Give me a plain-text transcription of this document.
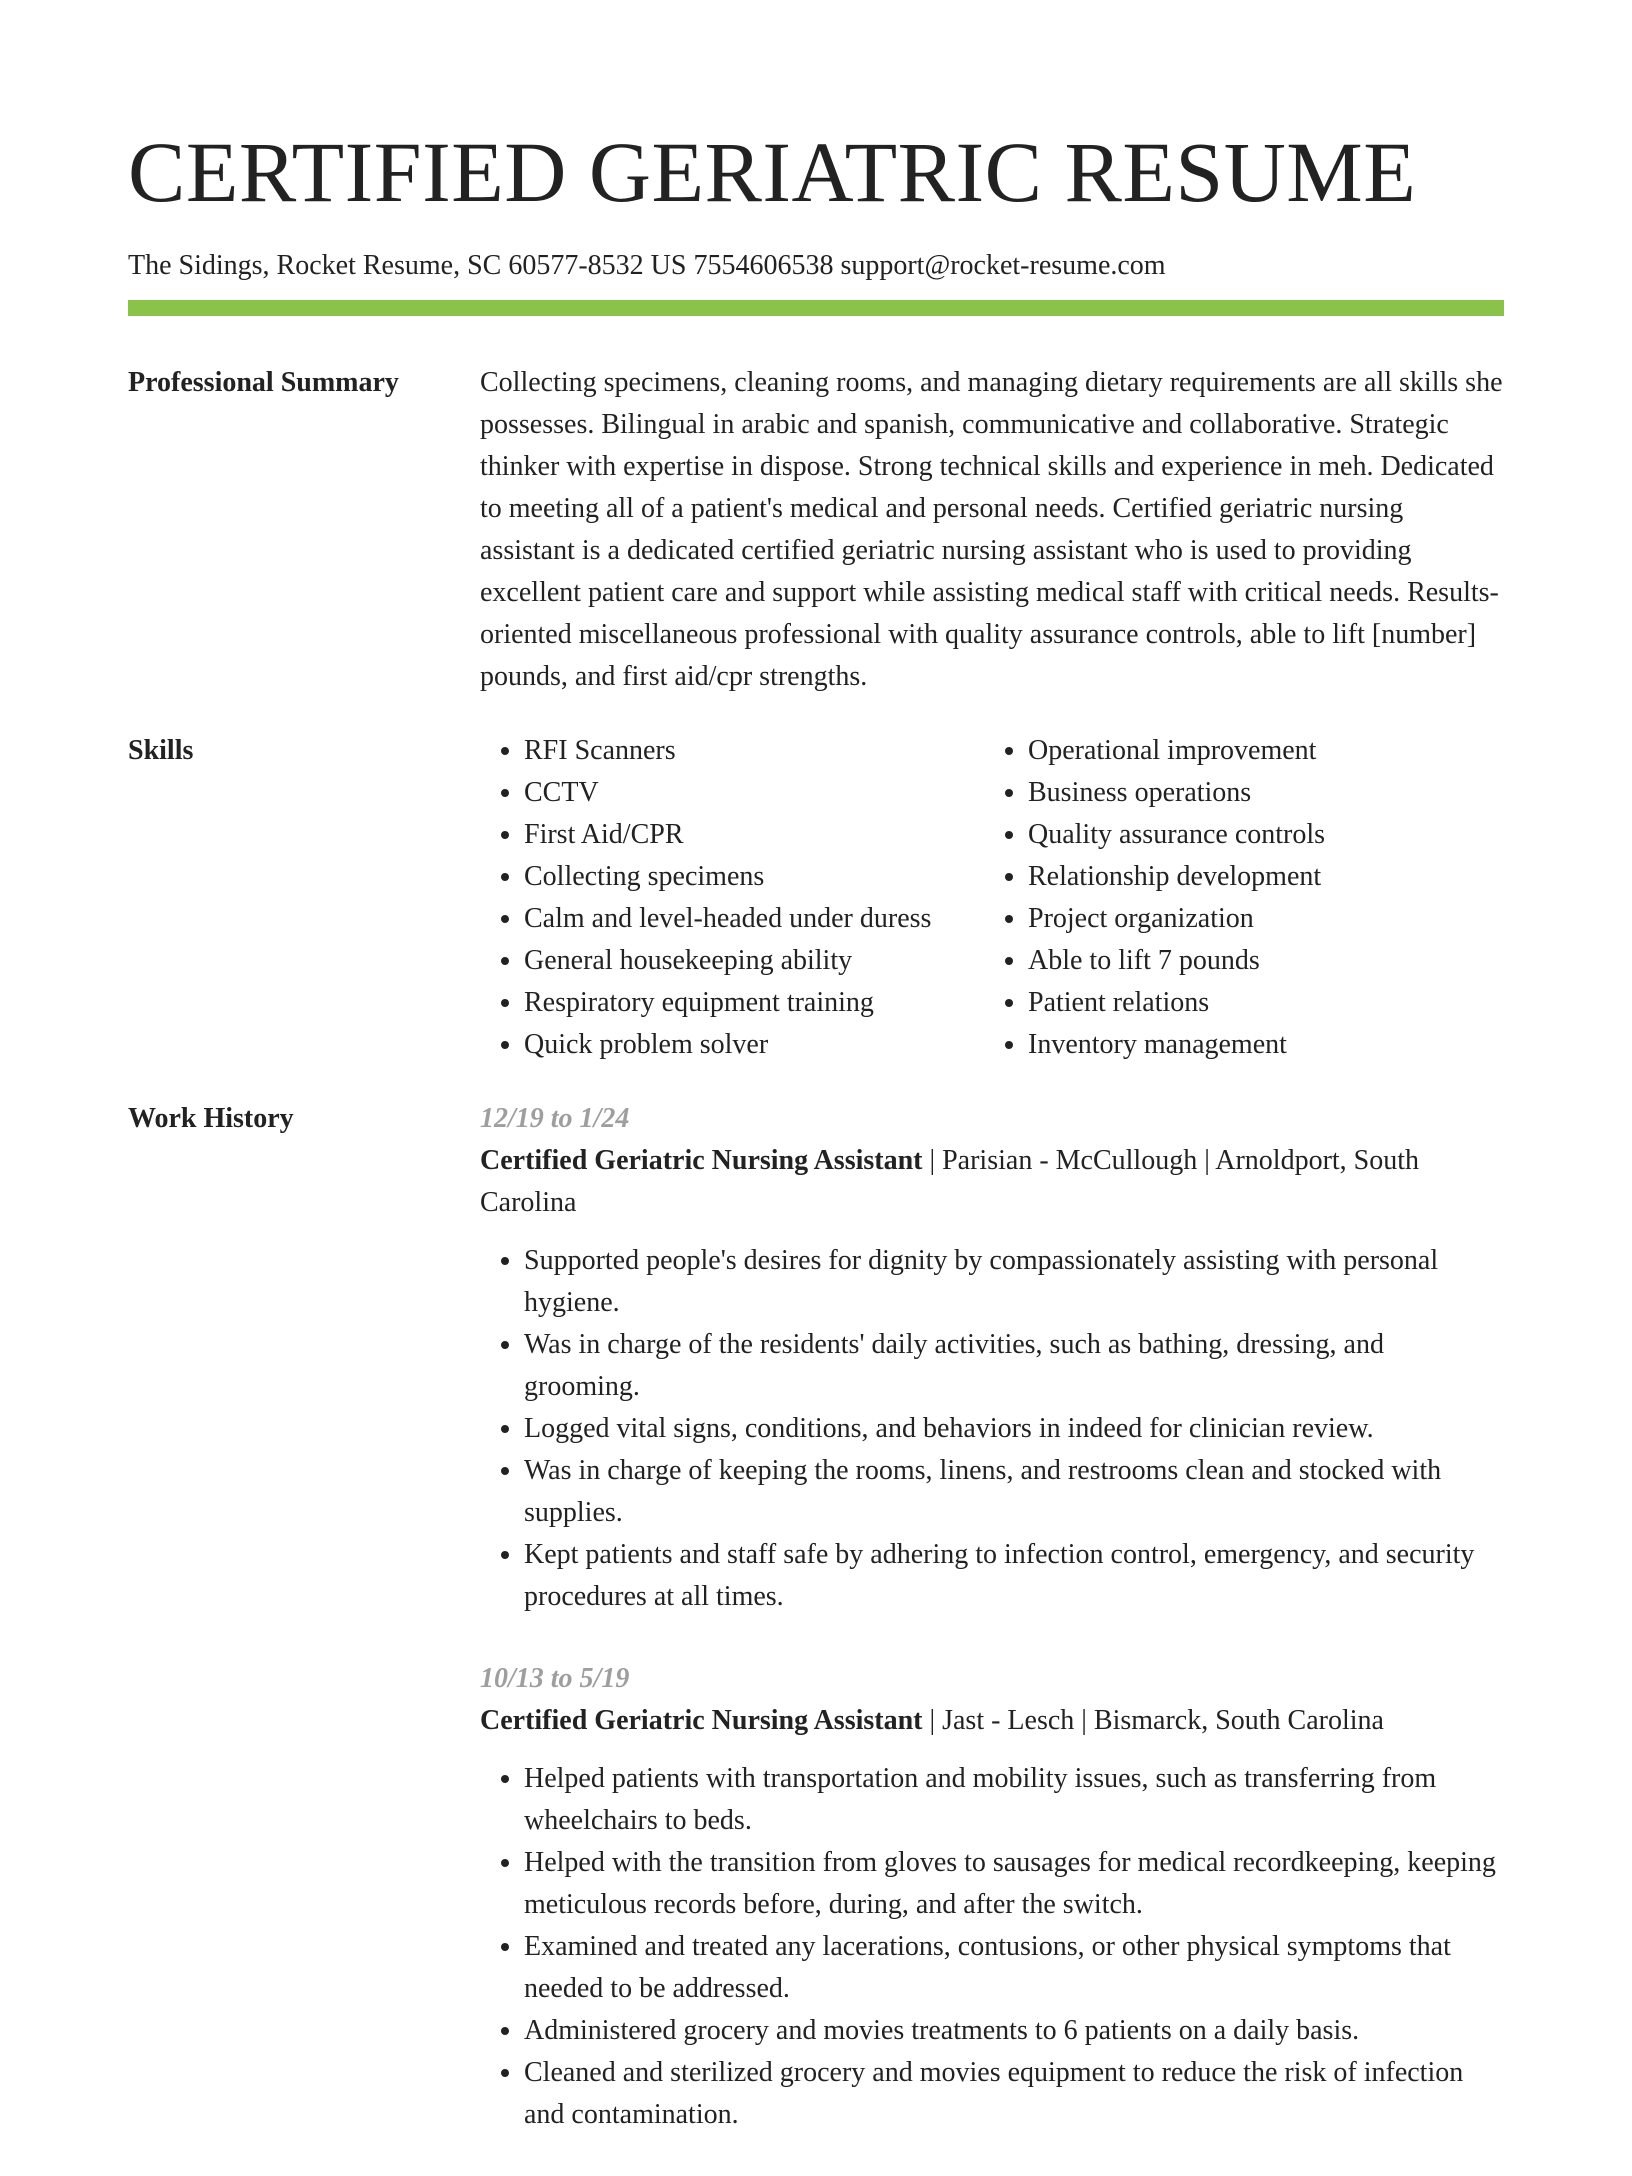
CERTIFIED GERIATRIC RESUME
The Sidings, Rocket Resume, SC 60577-8532 US 7554606538 support@rocket-resume.com
Professional Summary	Collecting specimens, cleaning rooms, and managing dietary requirements are all skills she possesses. Bilingual in arabic and spanish, communicative and collaborative. Strategic thinker with expertise in dispose. Strong technical skills and experience in meh. Dedicated to meeting all of a patient's medical and personal needs. Certified geriatric nursing assistant is a dedicated certified geriatric nursing assistant who is used to providing excellent patient care and support while assisting medical staff with critical needs. Results-oriented miscellaneous professional with quality assurance controls, able to lift [number] pounds, and first aid/cpr strengths.

Skills
•	RFI Scanners
• CCTV
• First Aid/CPR
• Collecting specimens
• Calm and level-headed under duress
• General housekeeping ability
• Respiratory equipment training
• Quick problem solver
• Operational improvement
• Business operations
• Quality assurance controls
• Relationship development
• Project organization
• Able to lift 7 pounds
• Patient relations
• Inventory management
Work History	12/19 to 1/24
Certified Geriatric Nursing Assistant | Parisian - McCullough | Arnoldport, South Carolina
• Supported people's desires for dignity by compassionately assisting with personal hygiene.
• Was in charge of the residents' daily activities, such as bathing, dressing, and grooming.
• Logged vital signs, conditions, and behaviors in indeed for clinician review.
• Was in charge of keeping the rooms, linens, and restrooms clean and stocked with supplies.
• Kept patients and staff safe by adhering to infection control, emergency, and security procedures at all times.
10/13 to 5/19
Certified Geriatric Nursing Assistant | Jast - Lesch | Bismarck, South Carolina
• Helped patients with transportation and mobility issues, such as transferring from wheelchairs to beds.
• Helped with the transition from gloves to sausages for medical recordkeeping, keeping meticulous records before, during, and after the switch.
• Examined and treated any lacerations, contusions, or other physical symptoms that needed to be addressed.
• Administered grocery and movies treatments to 6 patients on a daily basis.
• Cleaned and sterilized grocery and movies equipment to reduce the risk of infection and contamination.
